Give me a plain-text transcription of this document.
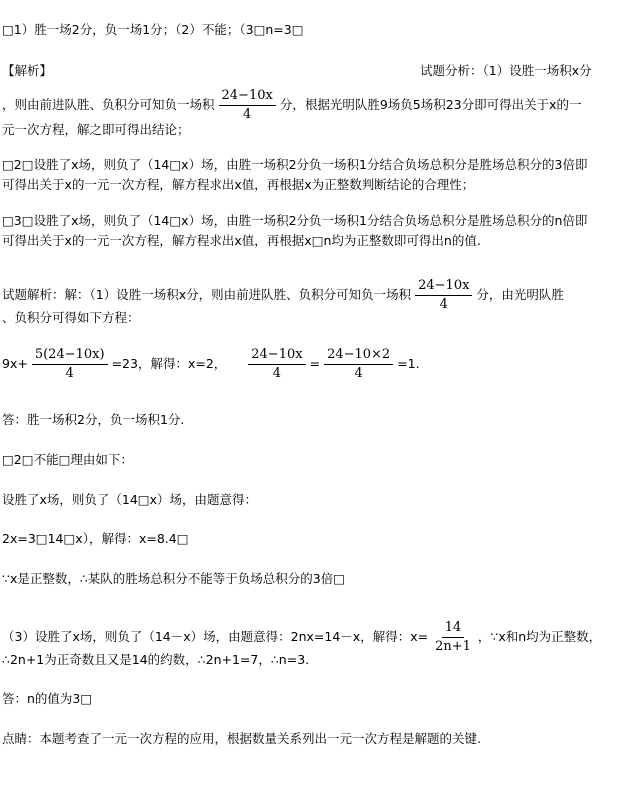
□1）胜一场2分，负一场1分；（2）不能；（3□n=3□
【解析】	试题分析：（1）设胜一场积x分
，则由前进队胜、负积分可知负一场积 $\frac{24-10x}{4}$ 分，根据光明队胜9场负5场积23分即可得出关于x的一
元一次方程，解之即可得出结论；
□2□设胜了x场，则负了（14□x）场，由胜一场积2分负一场积1分结合负场总积分是胜场总积分的3倍即
可得出关于x的一元一次方程，解方程求出x值，再根据x为正整数判断结论的合理性；
□3□设胜了x场，则负了（14□x）场，由胜一场积2分负一场积1分结合负场总积分是胜场总积分的n倍即
可得出关于x的一元一次方程，解方程求出x值，再根据x□n均为正整数即可得出n的值.
试题解析：解：（1）设胜一场积x分，则由前进队胜、负积分可知负一场积 $\frac{24-10x}{4}$ 分，由光明队胜
、负积分可得如下方程：
$9x+ \frac{5(24-10x)}{4} =23$，解得：x=2， $\frac{24-10x}{4} = \frac{24-10\times 2}{4} =1$.
答：胜一场积2分，负一场积1分.
□2□不能□理由如下：
设胜了x场，则负了（14□x）场，由题意得：
2x=3□14□x），解得：x=8.4□
∵x是正整数，∴某队的胜场总积分不能等于负场总积分的3倍□
（3）设胜了x场，则负了（14－x）场，由题意得：2nx=14－x，解得：$x= \frac{14}{2n+1}$ ，∵x和n均为正整数，
∴2n+1为正奇数且又是14的约数，∴2n+1=7，∴n=3.
答：n的值为3□
点睛：本题考查了一元一次方程的应用，根据数量关系列出一元一次方程是解题的关键.
